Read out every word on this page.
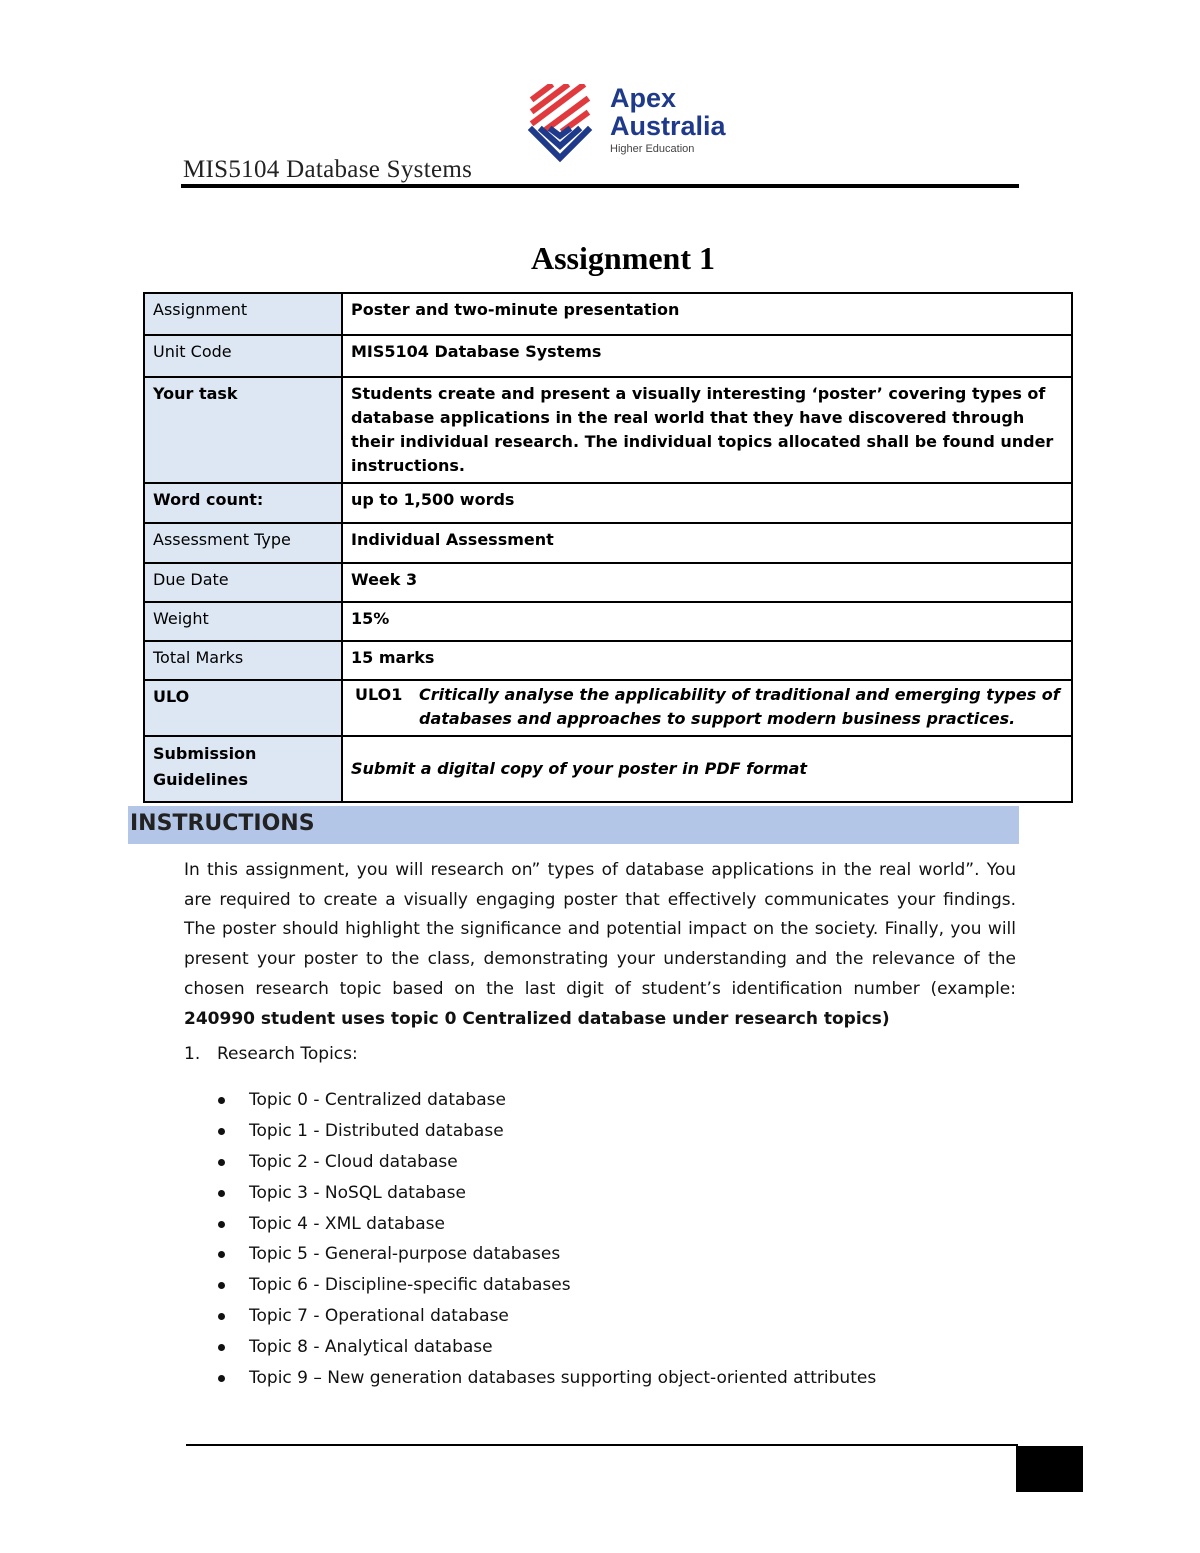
MIS5104 Database Systems
Apex
Australia
Higher Education
Assignment 1
Assignment	Poster and two-minute presentation
Unit Code	MIS5104 Database Systems
Your task	Students create and present a visually interesting ‘poster’ covering types of database applications in the real world that they have discovered through their individual research. The individual topics allocated shall be found under instructions.
Word count:	up to 1,500 words
Assessment Type	Individual Assessment
Due Date	Week 3
Weight	15%
Total Marks	15 marks
ULO	ULO1 Critically analyse the applicability of traditional and emerging types of
databases and approaches to support modern business practices.
Submission Guidelines	Submit a digital copy of your poster in PDF format
INSTRUCTIONS
In this assignment, you will research on” types of database applications in the real world”. You are required to create a visually engaging poster that effectively communicates your findings. The poster should highlight the significance and potential impact on the society. Finally, you will present your poster to the class, demonstrating your understanding and the relevance of the chosen research topic based on the last digit of student’s identification number (example: 240990 student uses topic 0 Centralized database under research topics)
1. Research Topics:
Topic 0 - Centralized database
Topic 1 - Distributed database
Topic 2 - Cloud database
Topic 3 - NoSQL database
Topic 4 - XML database
Topic 5 - General-purpose databases
Topic 6 - Discipline-specific databases
Topic 7 - Operational database
Topic 8 - Analytical database
Topic 9 – New generation databases supporting object-oriented attributes
1
